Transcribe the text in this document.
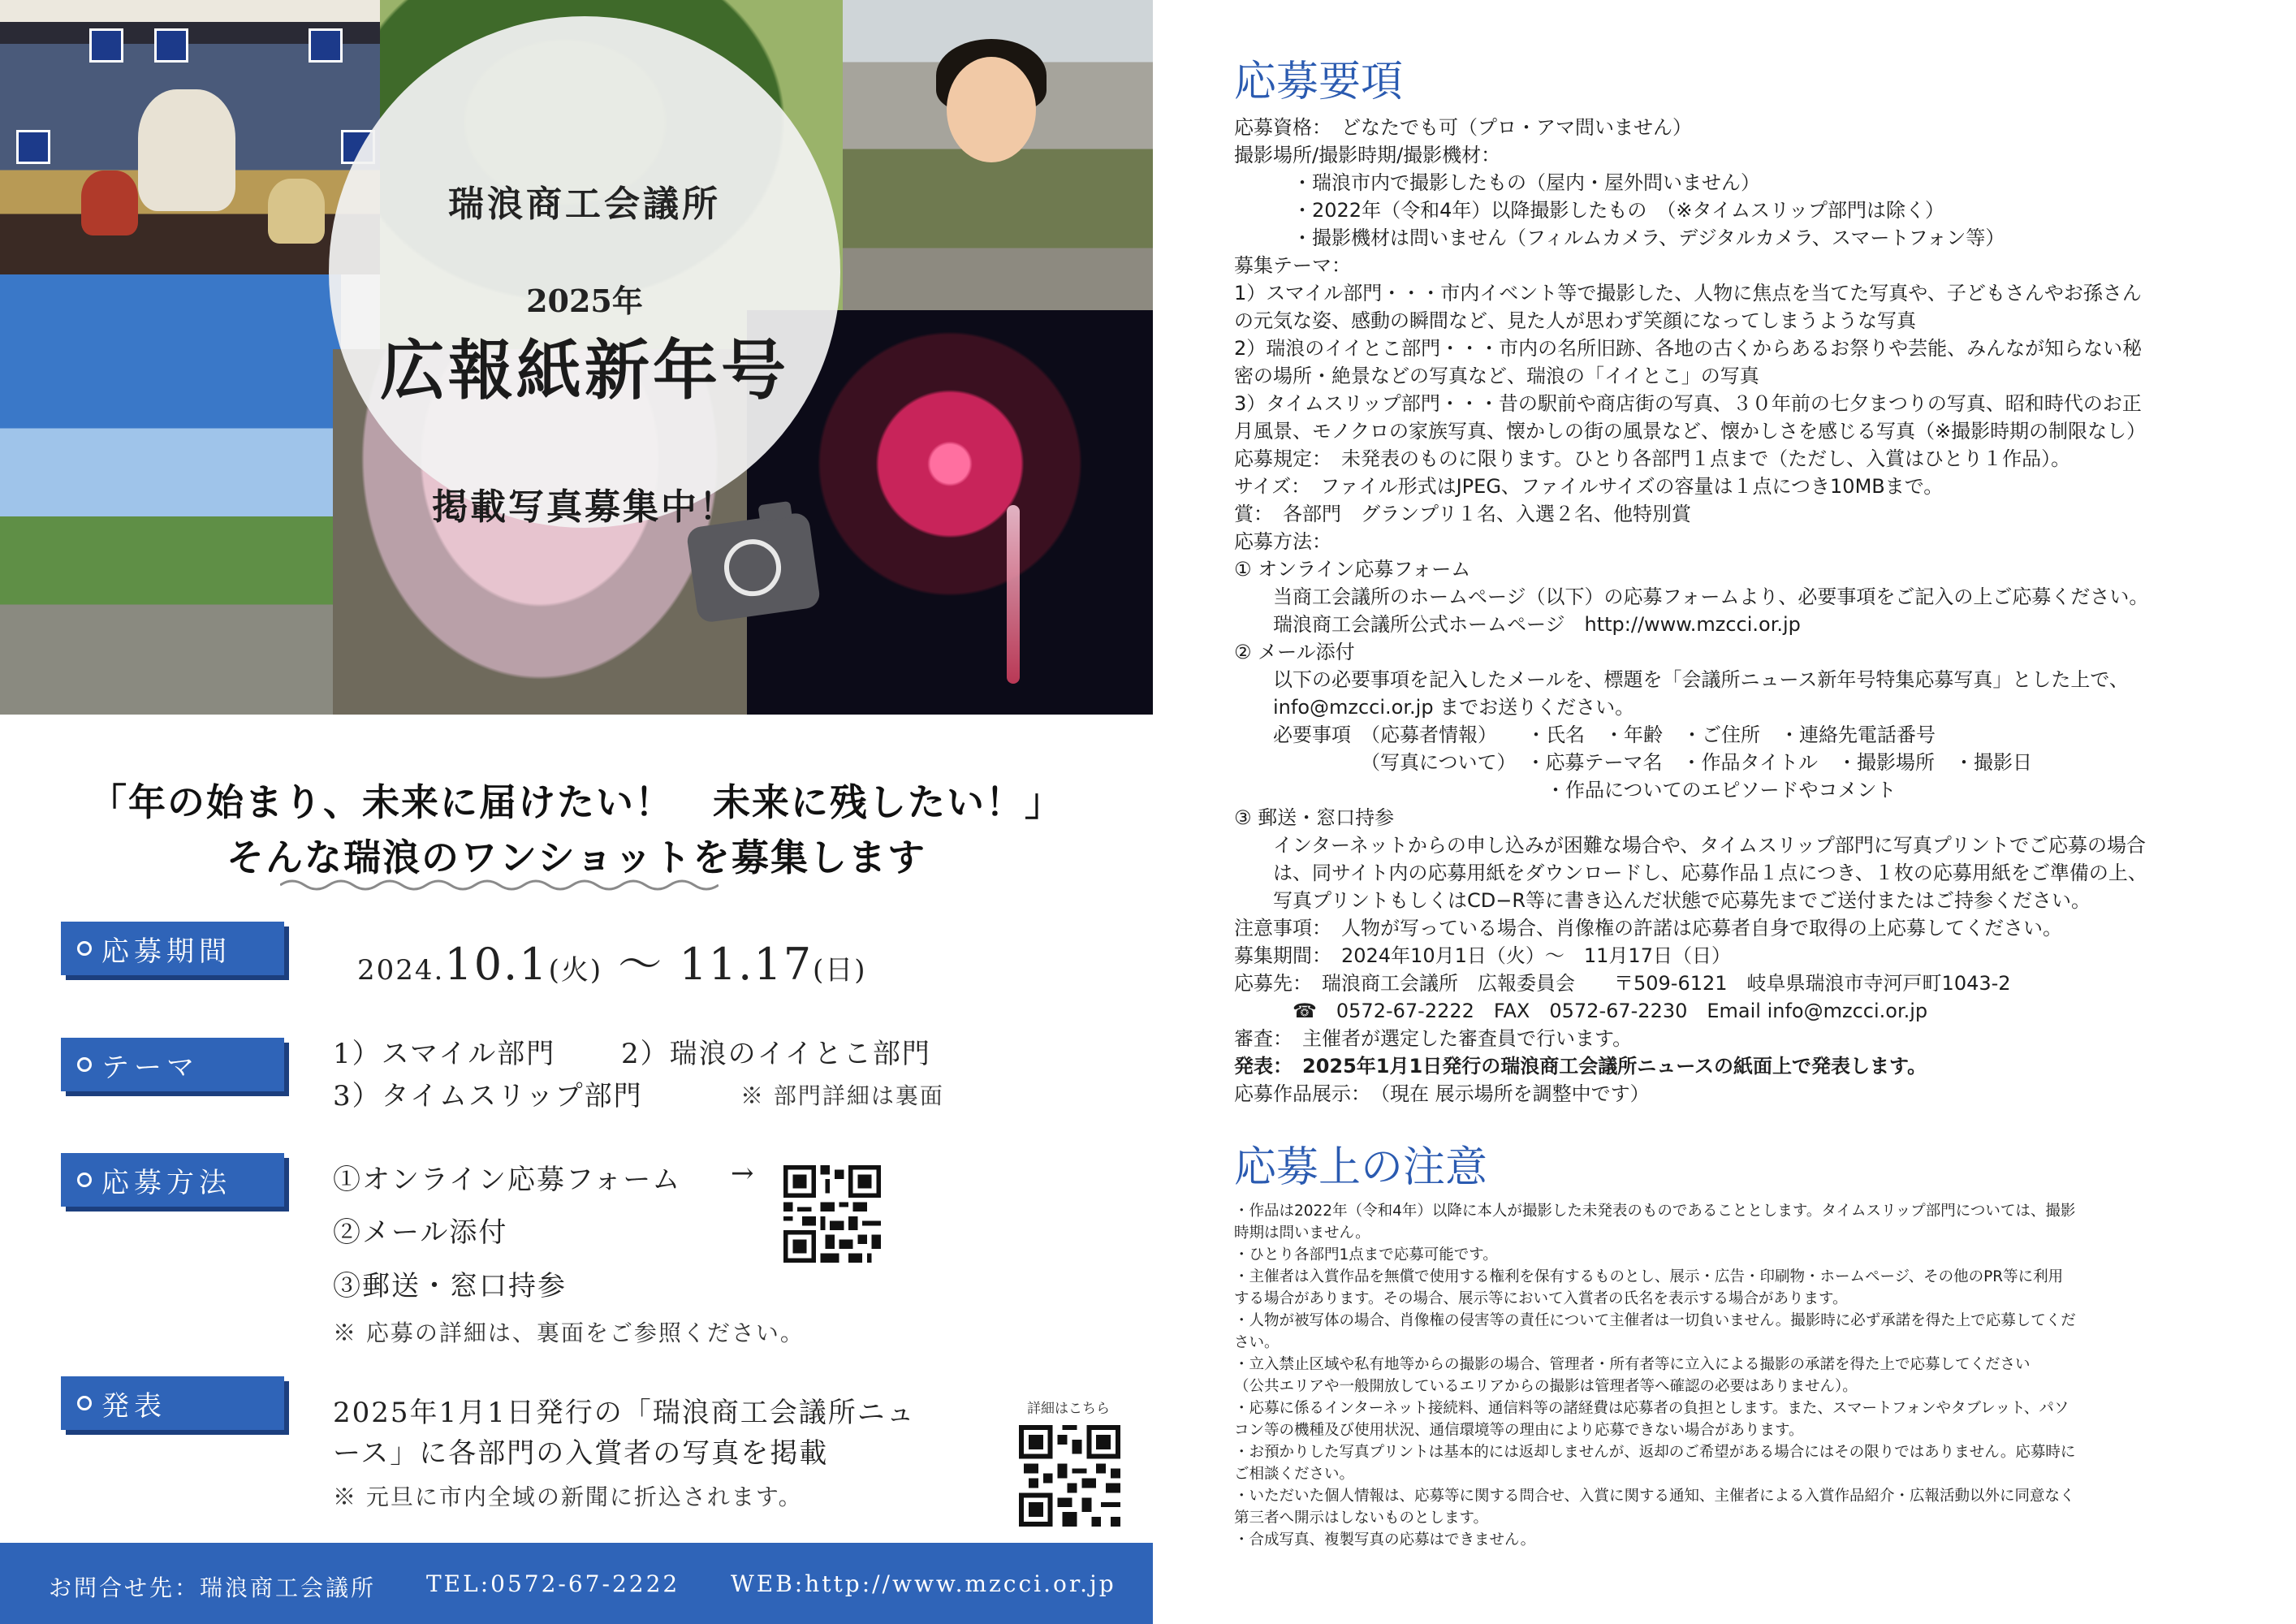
瑞浪商工会議所
2025年
広報紙新年号
掲載写真募集中！
「年の始まり、未来に届けたい！　未来に残したい！」
そんな瑞浪のワンショットを募集します
応募期間
2024.10.1(火) 〜 11.17(日)
テーマ	1）スマイル部門 2）瑞浪のイイとこ部門
3）タイムスリップ部門	※ 部門詳細は裏面
応募方法	①オンライン応募フォーム →
②メール添付
③郵送・窓口持参
※ 応募の詳細は、裏面をご参照ください。
発表	2025年1月1日発行の「瑞浪商工会議所ニュ
ース」に各部門の入賞者の写真を掲載
※ 元旦に市内全域の新聞に折込されます。
詳細はこちら
お問合せ先：瑞浪商工会議所 TEL:0572-67-2222 WEB:http://www.mzcci.or.jp
応募要項
応募資格：　どなたでも可（プロ・アマ問いません）
撮影場所/撮影時期/撮影機材：
　　　・瑞浪市内で撮影したもの（屋内・屋外問いません）
　　　・2022年（令和4年）以降撮影したもの　（※タイムスリップ部門は除く）
　　　・撮影機材は問いません（フィルムカメラ、デジタルカメラ、スマートフォン等）
募集テーマ：
1）スマイル部門・・・市内イベント等で撮影した、人物に焦点を当てた写真や、子どもさんやお孫さん
の元気な姿、感動の瞬間など、見た人が思わず笑顔になってしまうような写真
2）瑞浪のイイとこ部門・・・市内の名所旧跡、各地の古くからあるお祭りや芸能、みんなが知らない秘
密の場所・絶景などの写真など、瑞浪の「イイとこ」の写真
3）タイムスリップ部門・・・昔の駅前や商店街の写真、３０年前の七夕まつりの写真、昭和時代のお正
月風景、モノクロの家族写真、懐かしの街の風景など、懐かしさを感じる写真（※撮影時期の制限なし）
応募規定：　未発表のものに限ります。ひとり各部門１点まで（ただし、入賞はひとり１作品）。
サイズ：　ファイル形式はJPEG、ファイルサイズの容量は１点につき10MBまで。
賞：　各部門　グランプリ１名、入選２名、他特別賞
応募方法：
① オンライン応募フォーム
　　当商工会議所のホームページ（以下）の応募フォームより、必要事項をご記入の上ご応募ください。
　　瑞浪商工会議所公式ホームページ　http://www.mzcci.or.jp
② メール添付
　　以下の必要事項を記入したメールを、標題を「会議所ニュース新年号特集応募写真」とした上で、
　　info@mzcci.or.jp までお送りください。
　　必要事項　（応募者情報）　　・氏名　・年齢　・ご住所　・連絡先電話番号
　　　　　　　（写真について）　・応募テーマ名　・作品タイトル　・撮影場所　・撮影日
　　　　　　　　　　　　　　　　・作品についてのエピソードやコメント
③ 郵送・窓口持参
　　インターネットからの申し込みが困難な場合や、タイムスリップ部門に写真プリントでご応募の場合
　　は、同サイト内の応募用紙をダウンロードし、応募作品１点につき、１枚の応募用紙をご準備の上、
　　写真プリントもしくはCD−R等に書き込んだ状態で応募先までご送付またはご持参ください。
注意事項：　人物が写っている場合、肖像権の許諾は応募者自身で取得の上応募してください。
募集期間：　2024年10月1日（火）〜　11月17日（日）
応募先：　瑞浪商工会議所　広報委員会　　〒509-6121　岐阜県瑞浪市寺河戸町1043-2
　　　☎　0572-67-2222　FAX　0572-67-2230　Email info@mzcci.or.jp
審査：　主催者が選定した審査員で行います。
発表：　2025年1月1日発行の瑞浪商工会議所ニュースの紙面上で発表します。
応募作品展示：　（現在 展示場所を調整中です）
応募上の注意
・作品は2022年（令和4年）以降に本人が撮影した未発表のものであることとします。タイムスリップ部門については、撮影
時期は問いません。
・ひとり各部門1点まで応募可能です。
・主催者は入賞作品を無償で使用する権利を保有するものとし、展示・広告・印刷物・ホームページ、その他のPR等に利用
する場合があります。その場合、展示等において入賞者の氏名を表示する場合があります。
・人物が被写体の場合、肖像権の侵害等の責任について主催者は一切負いません。撮影時に必ず承諾を得た上で応募してくだ
さい。
・立入禁止区域や私有地等からの撮影の場合、管理者・所有者等に立入による撮影の承諾を得た上で応募してください
（公共エリアや一般開放しているエリアからの撮影は管理者等へ確認の必要はありません）。
・応募に係るインターネット接続料、通信料等の諸経費は応募者の負担とします。また、スマートフォンやタブレット、パソ
コン等の機種及び使用状況、通信環境等の理由により応募できない場合があります。
・お預かりした写真プリントは基本的には返却しませんが、返却のご希望がある場合にはその限りではありません。応募時に
ご相談ください。
・いただいた個人情報は、応募等に関する問合せ、入賞に関する通知、主催者による入賞作品紹介・広報活動以外に同意なく
第三者へ開示はしないものとします。
・合成写真、複製写真の応募はできません。
